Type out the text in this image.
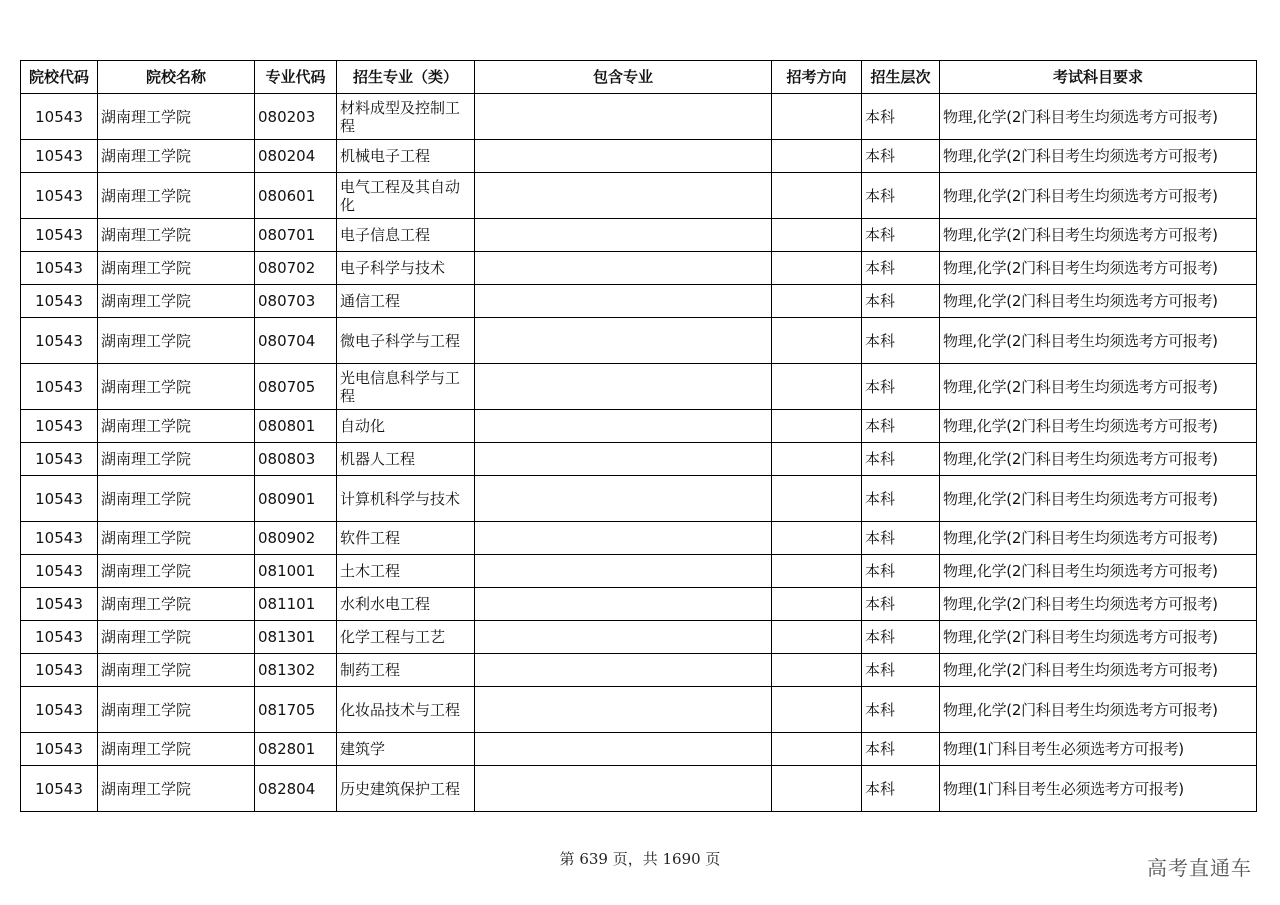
院校代码	院校名称	专业代码	招生专业（类）	包含专业	招考方向	招生层次	考试科目要求
10543	湖南理工学院	080203	材料成型及控制工程			本科	物理,化学(2门科目考生均须选考方可报考)
10543	湖南理工学院	080204	机械电子工程			本科	物理,化学(2门科目考生均须选考方可报考)
10543	湖南理工学院	080601	电气工程及其自动化			本科	物理,化学(2门科目考生均须选考方可报考)
10543	湖南理工学院	080701	电子信息工程			本科	物理,化学(2门科目考生均须选考方可报考)
10543	湖南理工学院	080702	电子科学与技术			本科	物理,化学(2门科目考生均须选考方可报考)
10543	湖南理工学院	080703	通信工程			本科	物理,化学(2门科目考生均须选考方可报考)
10543	湖南理工学院	080704	微电子科学与工程			本科	物理,化学(2门科目考生均须选考方可报考)
10543	湖南理工学院	080705	光电信息科学与工程			本科	物理,化学(2门科目考生均须选考方可报考)
10543	湖南理工学院	080801	自动化			本科	物理,化学(2门科目考生均须选考方可报考)
10543	湖南理工学院	080803	机器人工程			本科	物理,化学(2门科目考生均须选考方可报考)
10543	湖南理工学院	080901	计算机科学与技术			本科	物理,化学(2门科目考生均须选考方可报考)
10543	湖南理工学院	080902	软件工程			本科	物理,化学(2门科目考生均须选考方可报考)
10543	湖南理工学院	081001	土木工程			本科	物理,化学(2门科目考生均须选考方可报考)
10543	湖南理工学院	081101	水利水电工程			本科	物理,化学(2门科目考生均须选考方可报考)
10543	湖南理工学院	081301	化学工程与工艺			本科	物理,化学(2门科目考生均须选考方可报考)
10543	湖南理工学院	081302	制药工程			本科	物理,化学(2门科目考生均须选考方可报考)
10543	湖南理工学院	081705	化妆品技术与工程			本科	物理,化学(2门科目考生均须选考方可报考)
10543	湖南理工学院	082801	建筑学			本科	物理(1门科目考生必须选考方可报考)
10543	湖南理工学院	082804	历史建筑保护工程			本科	物理(1门科目考生必须选考方可报考)
第 639 页，共 1690 页	高考直通车
